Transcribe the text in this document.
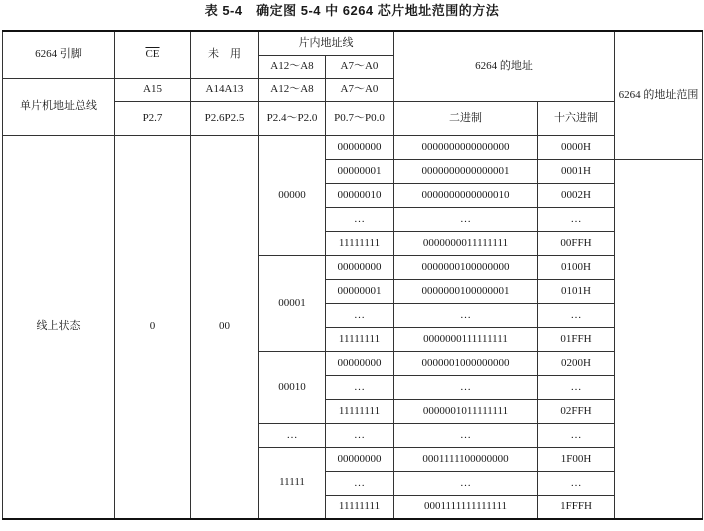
表 5-4　确定图 5-4 中 6264 芯片地址范围的方法
6264 引脚	$\overline{CE}$	未　用	片内地址线		6264 的地址		6264 的地址范围	
			A12～A8	A7～A0				
单片机地址总线	A15	A14A13	A12～A8	A7～A0				
	P2.7	P2.6P2.5	P2.4～P2.0	P0.7～P0.0	二进制	十六进制		
线上状态	0	00	00000	00000000	0000000000000000	0000H		
				00000001	0000000000000001	0001H		
				00000010	0000000000000010	0002H		
				…	…	…		
				11111111	0000000011111111	00FFH		
			00001	00000000	0000000100000000	0100H		
				00000001	0000000100000001	0101H		
				…	…	…		
				11111111	0000000111111111	01FFH		
			00010	00000000	0000001000000000	0200H		
				…	…	…		
				11111111	0000001011111111	02FFH		
			…	…	…	…		
			11111	00000000	0001111100000000	1F00H		
				…	…	…		
				11111111	0001111111111111	1FFFH		
